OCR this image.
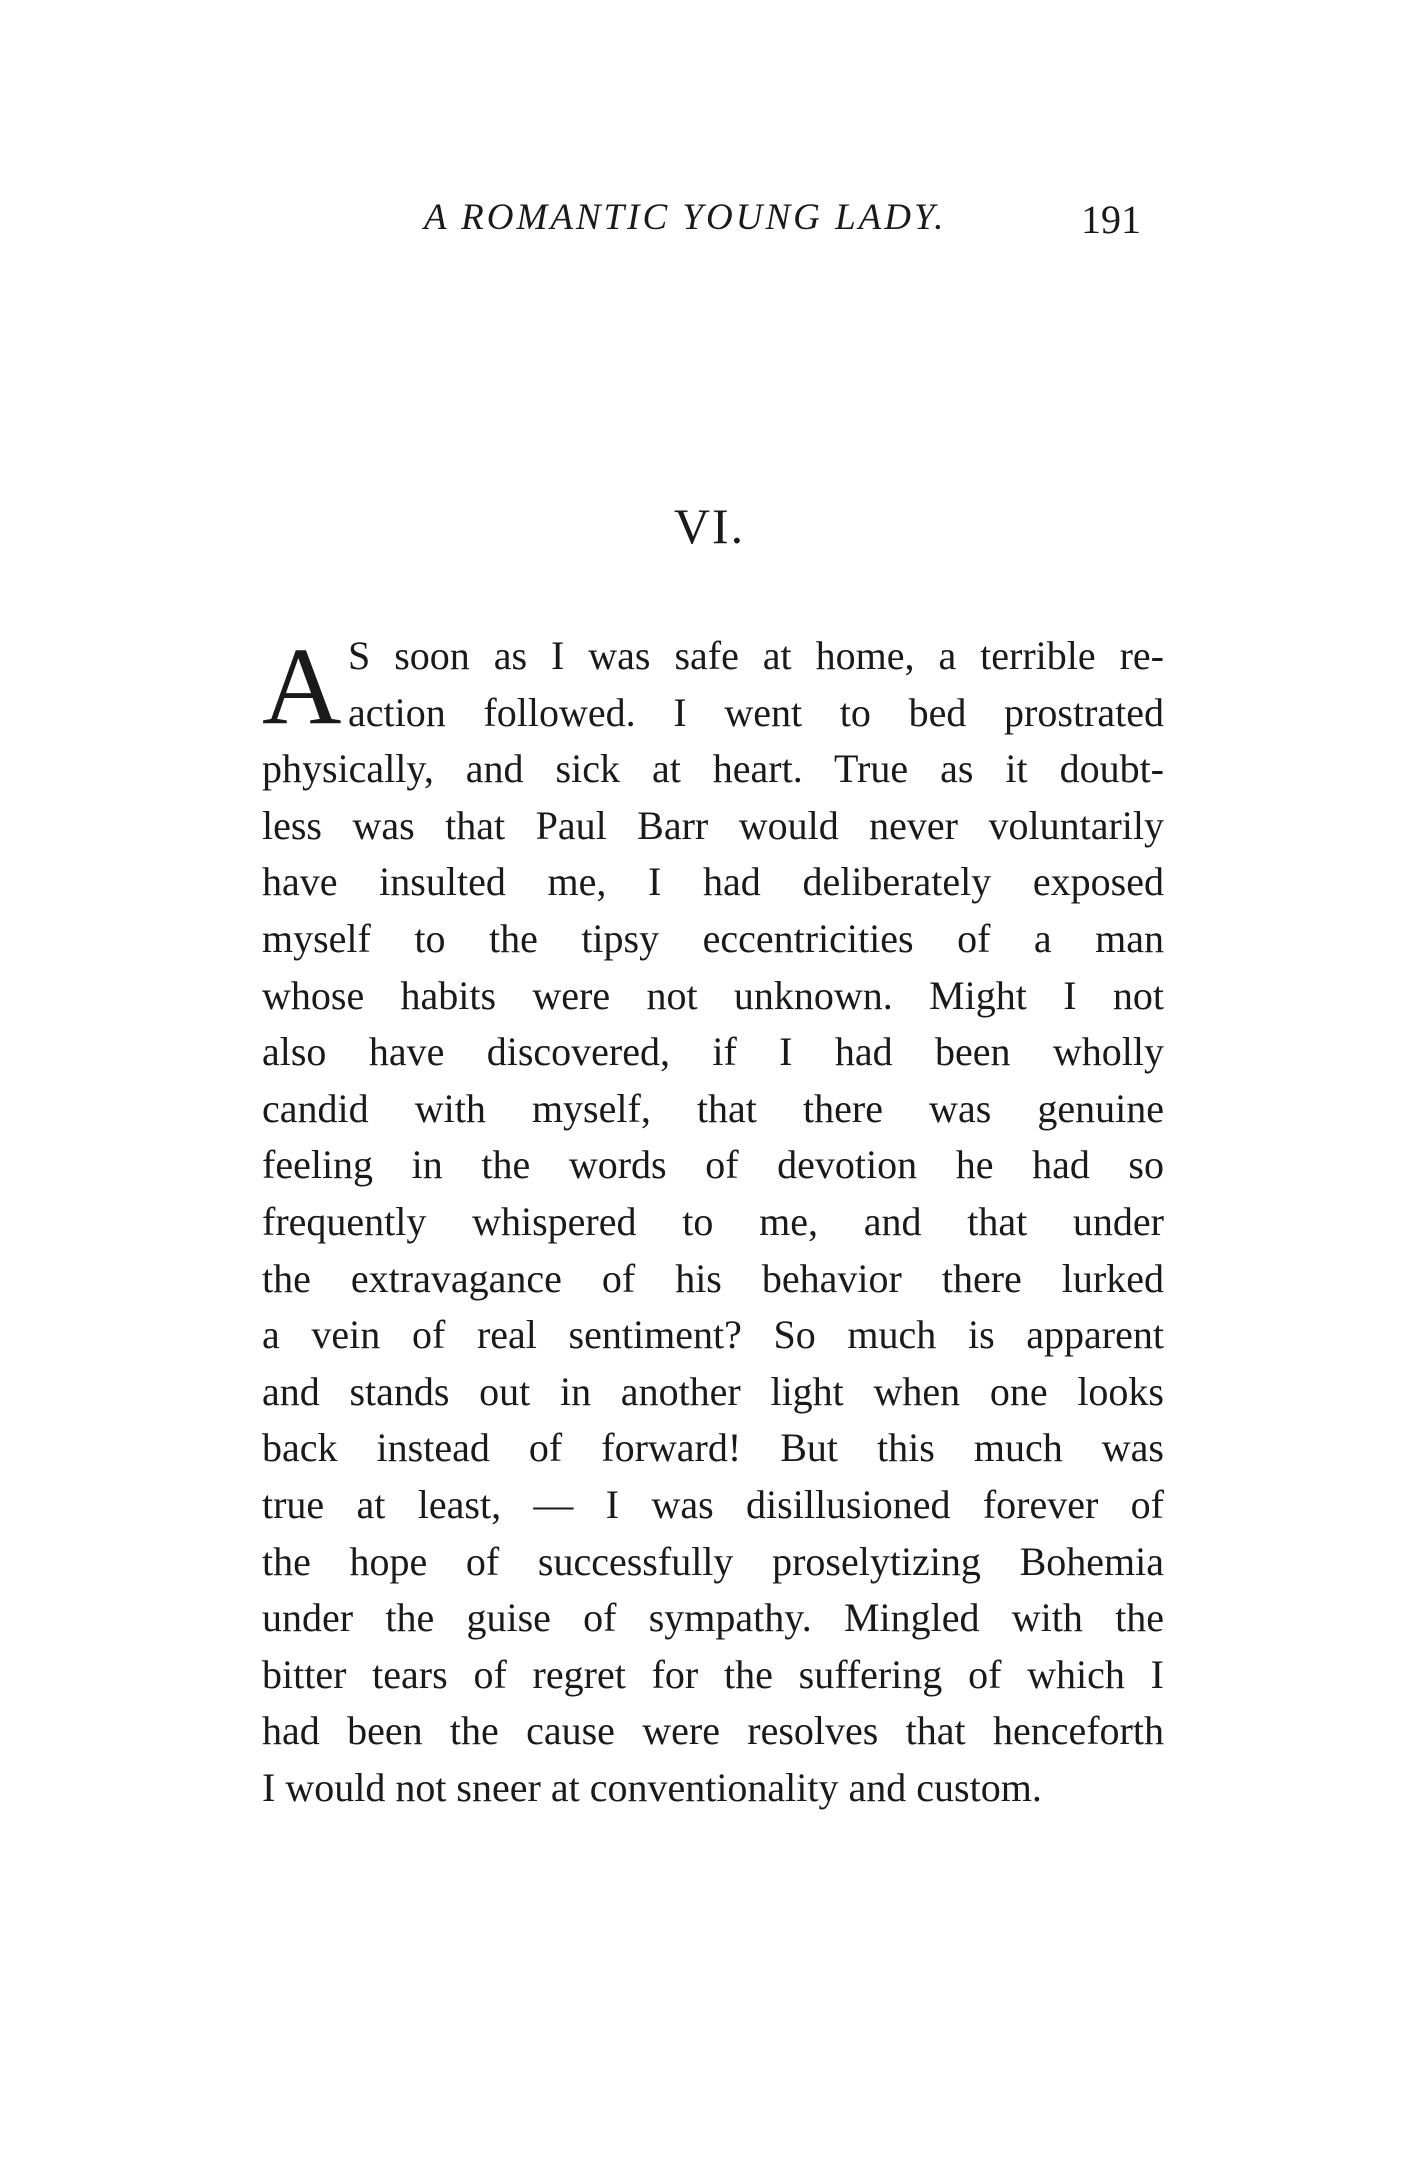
A ROMANTIC YOUNG LADY.	191
VI.
A S soon as I was safe at home, a terrible re-
action followed. I went to bed prostrated
physically, and sick at heart. True as it doubt-
less was that Paul Barr would never voluntarily
have insulted me, I had deliberately exposed
myself to the tipsy eccentricities of a man
whose habits were not unknown. Might I not
also have discovered, if I had been wholly
candid with myself, that there was genuine
feeling in the words of devotion he had so
frequently whispered to me, and that under
the extravagance of his behavior there lurked
a vein of real sentiment? So much is apparent
and stands out in another light when one looks
back instead of forward! But this much was
true at least, — I was disillusioned forever of
the hope of successfully proselytizing Bohemia
under the guise of sympathy. Mingled with the
bitter tears of regret for the suffering of which I
had been the cause were resolves that henceforth
I would not sneer at conventionality and custom.
